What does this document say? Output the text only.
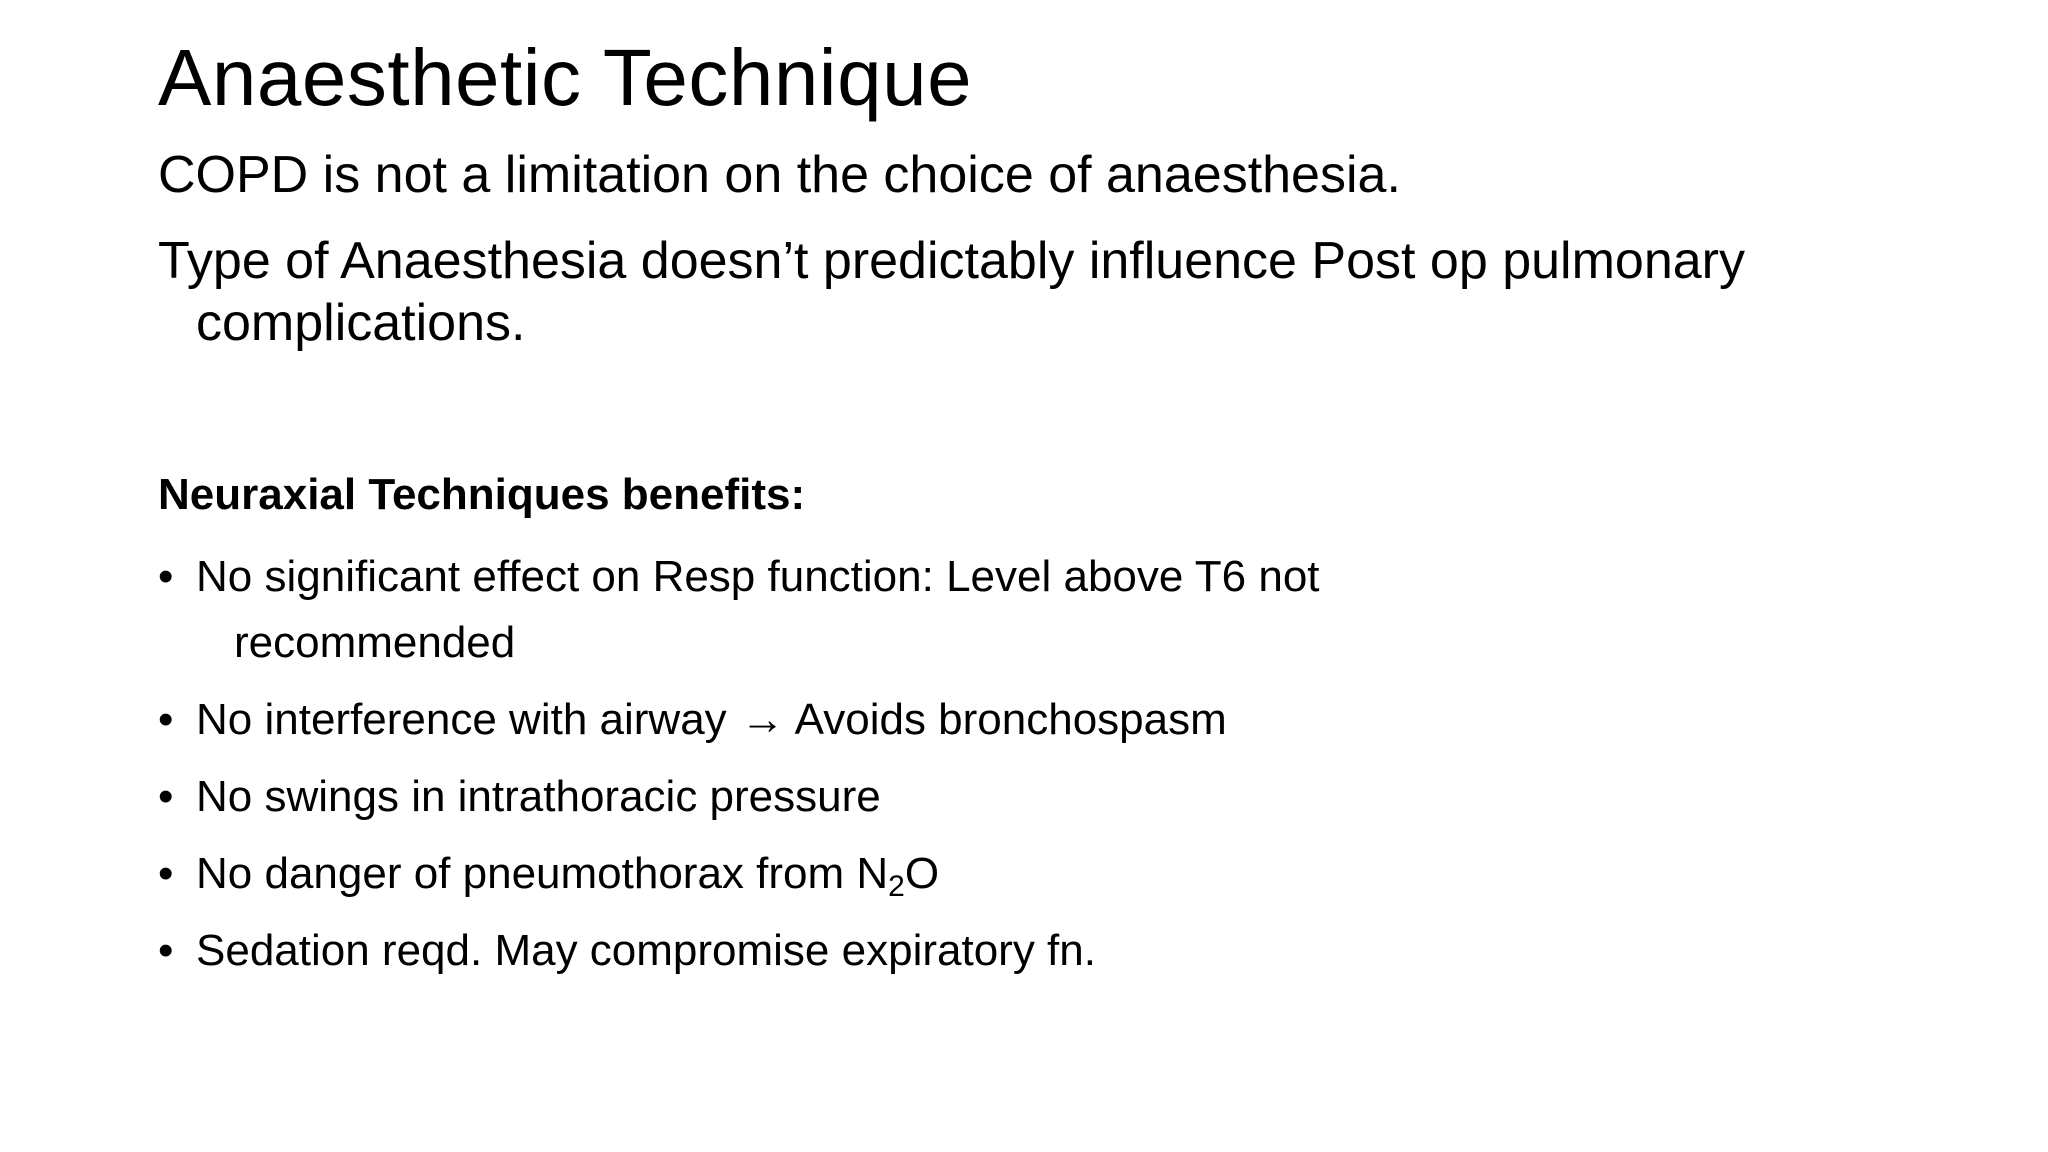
Anaesthetic Technique

COPD is not a limitation on the choice of anaesthesia.

Type of Anaesthesia doesn’t predictably influence Post op pulmonary
complications.

Neuraxial Techniques benefits:
• No significant effect on Resp function: Level above T6 not
recommended
• No interference with airway → Avoids bronchospasm
• No swings in intrathoracic pressure
• No danger of pneumothorax from $N_2O$
• Sedation reqd. May compromise expiratory fn.
